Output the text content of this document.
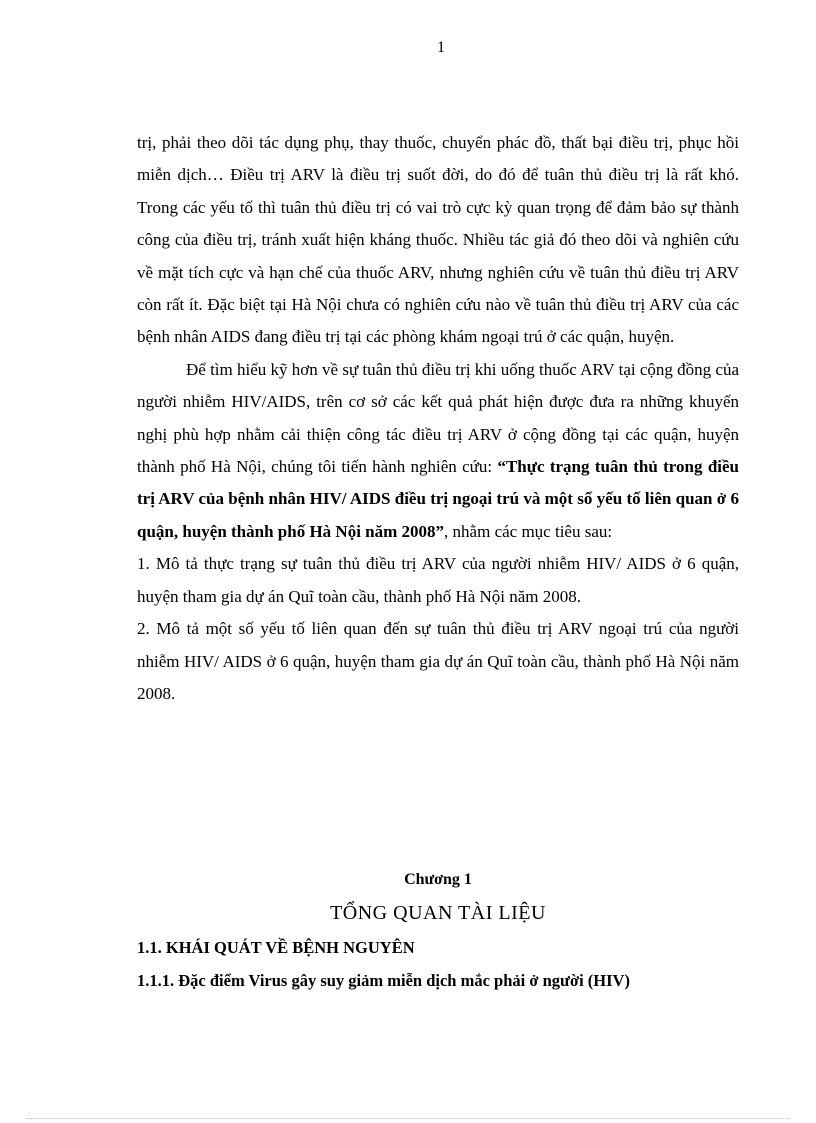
1

trị, phải theo dõi tác dụng phụ, thay thuốc, chuyển phác đồ, thất bại điều trị, phục hồi miễn dịch… Điều trị ARV là điều trị suốt đời, do đó để tuân thủ điều trị là rất khó. Trong các yếu tố thì tuân thủ điều trị có vai trò cực kỳ quan trọng để đảm bảo sự thành công của điều trị, tránh xuất hiện kháng thuốc. Nhiều tác giả đó theo dõi và nghiên cứu về mặt tích cực và hạn chế của thuốc ARV, nhưng nghiên cứu về tuân thủ điều trị ARV còn rất ít. Đặc biệt tại Hà Nội chưa có nghiên cứu nào về tuân thủ điều trị ARV của các bệnh nhân AIDS đang điều trị tại các phòng khám ngoại trú ở các quận, huyện.

Để tìm hiểu kỹ hơn về sự tuân thủ điều trị khi uống thuốc ARV tại cộng đồng của người nhiễm HIV/AIDS, trên cơ sở các kết quả phát hiện được đưa ra những khuyến nghị phù hợp nhằm cải thiện công tác điều trị ARV ở cộng đồng tại các quận, huyện thành phố Hà Nội, chúng tôi tiến hành nghiên cứu: “Thực trạng tuân thủ trong điều trị ARV của bệnh nhân HIV/ AIDS điều trị ngoại trú và một số yếu tố liên quan ở 6 quận, huyện thành phố Hà Nội năm 2008”, nhằm các mục tiêu sau:

1. Mô tả thực trạng sự tuân thủ điều trị ARV của người nhiễm HIV/ AIDS ở 6 quận, huyện tham gia dự án Quĩ toàn cầu, thành phố Hà Nội năm 2008.

2. Mô tả một số yếu tố liên quan đến sự tuân thủ điều trị ARV ngoại trú của người nhiễm HIV/ AIDS ở 6 quận, huyện tham gia dự án Quĩ toàn cầu, thành phố Hà Nội năm 2008.

Chương 1
TỔNG QUAN TÀI LIỆU
1.1. KHÁI QUÁT VỀ BỆNH NGUYÊN
1.1.1. Đặc điểm Virus gây suy giảm miễn dịch mắc phải ở người (HIV)
